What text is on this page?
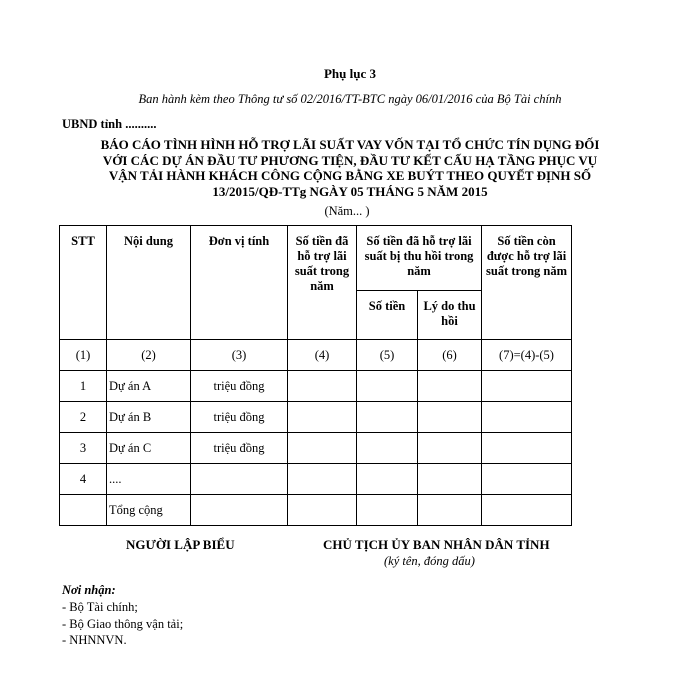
Phụ lục 3
Ban hành kèm theo Thông tư số 02/2016/TT-BTC ngày 06/01/2016 của Bộ Tài chính
UBND tỉnh ..........
BÁO CÁO TÌNH HÌNH HỖ TRỢ LÃI SUẤT VAY VỐN TẠI TỔ CHỨC TÍN DỤNG ĐỐI
VỚI CÁC DỰ ÁN ĐẦU TƯ PHƯƠNG TIỆN, ĐẦU TƯ KẾT CẤU HẠ TẦNG PHỤC VỤ
VẬN TẢI HÀNH KHÁCH CÔNG CỘNG BẰNG XE BUÝT THEO QUYẾT ĐỊNH SỐ
13/2015/QĐ-TTg NGÀY 05 THÁNG 5 NĂM 2015
(Năm... )
STT	Nội dung	Đơn vị tính	Số tiền đã hỗ trợ lãi suất trong năm	Số tiền đã hỗ trợ lãi suất bị thu hồi trong năm		Số tiền còn được hỗ trợ lãi suất trong năm
				Số tiền	Lý do thu hồi	
(1)	(2)	(3)	(4)	(5)	(6)	(7)=(4)-(5)
1	Dự án A	triệu đồng				
2	Dự án B	triệu đồng				
3	Dự án C	triệu đồng				
4	....					
	Tổng cộng					
NGƯỜI LẬP BIỂU	CHỦ TỊCH ỦY BAN NHÂN DÂN TỈNH
(ký tên, đóng dấu)
Nơi nhận:
- Bộ Tài chính;
- Bộ Giao thông vận tải;
- NHNNVN.
